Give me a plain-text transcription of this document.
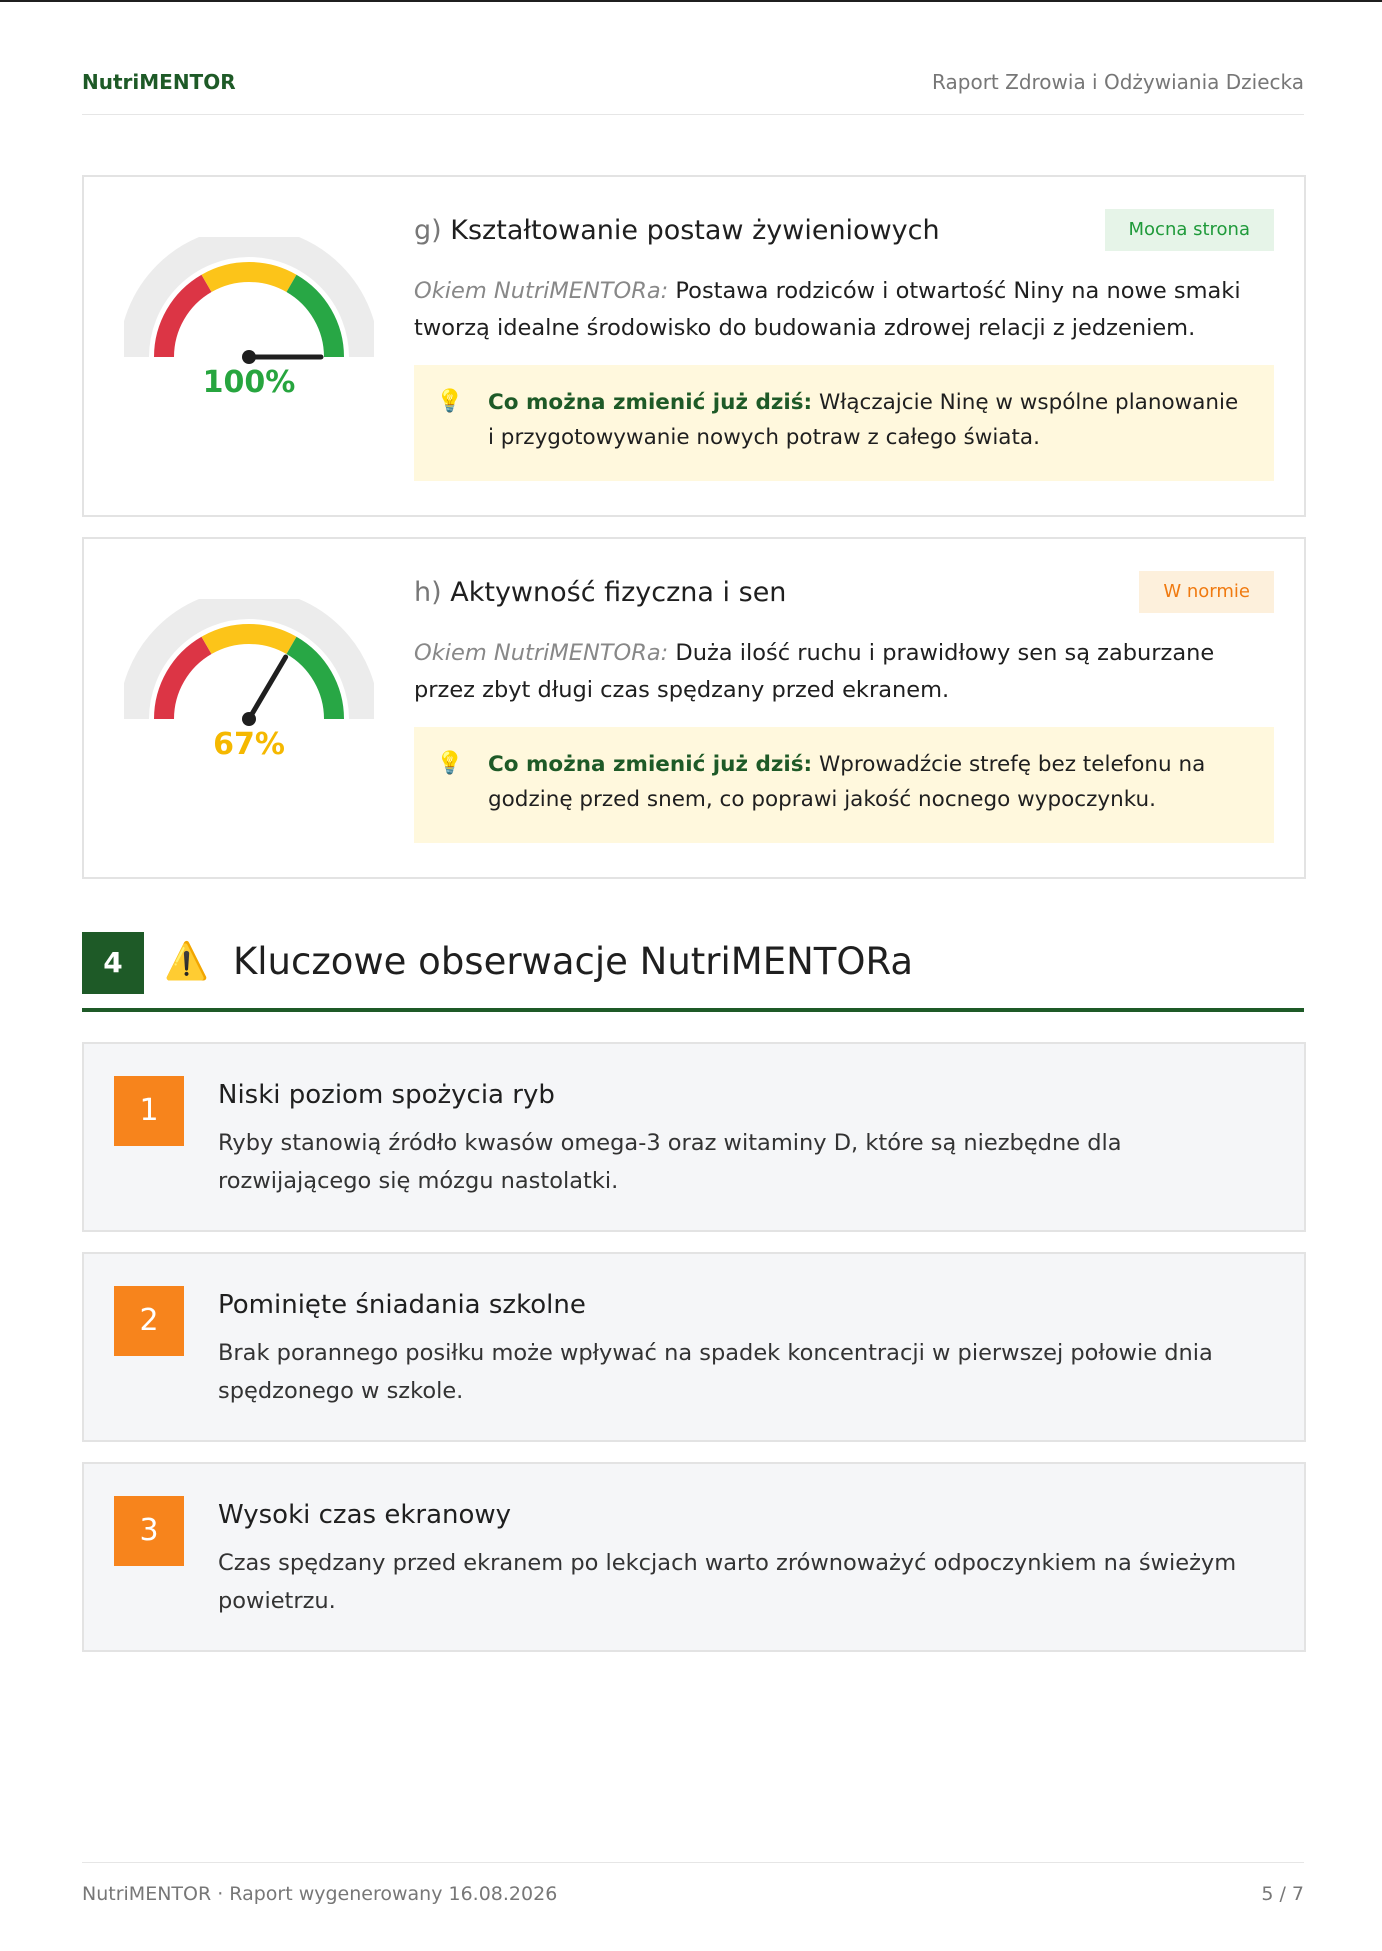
NutriMENTOR	Raport Zdrowia i Odżywiania Dziecka
100%
g) Kształtowanie postaw żywieniowych	Mocna strona
Okiem NutriMENTORa: Postawa rodziców i otwartość Niny na nowe smaki tworzą idealne środowisko do budowania zdrowej relacji z jedzeniem.
💡 Co można zmienić już dziś: Włączajcie Ninę w wspólne planowanie i przygotowywanie nowych potraw z całego świata.
67%
h) Aktywność fizyczna i sen	W normie
Okiem NutriMENTORa: Duża ilość ruchu i prawidłowy sen są zaburzane przez zbyt długi czas spędzany przed ekranem.
💡 Co można zmienić już dziś: Wprowadźcie strefę bez telefonu na godzinę przed snem, co poprawi jakość nocnego wypoczynku.
4	⚠️ Kluczowe obserwacje NutriMENTORa
1	Niski poziom spożycia ryb
Ryby stanowią źródło kwasów omega-3 oraz witaminy D, które są niezbędne dla rozwijającego się mózgu nastolatki.
2	Pominięte śniadania szkolne
Brak porannego posiłku może wpływać na spadek koncentracji w pierwszej połowie dnia spędzonego w szkole.
3	Wysoki czas ekranowy
Czas spędzany przed ekranem po lekcjach warto zrównoważyć odpoczynkiem na świeżym powietrzu.
NutriMENTOR · Raport wygenerowany 16.08.2026	5 / 7
